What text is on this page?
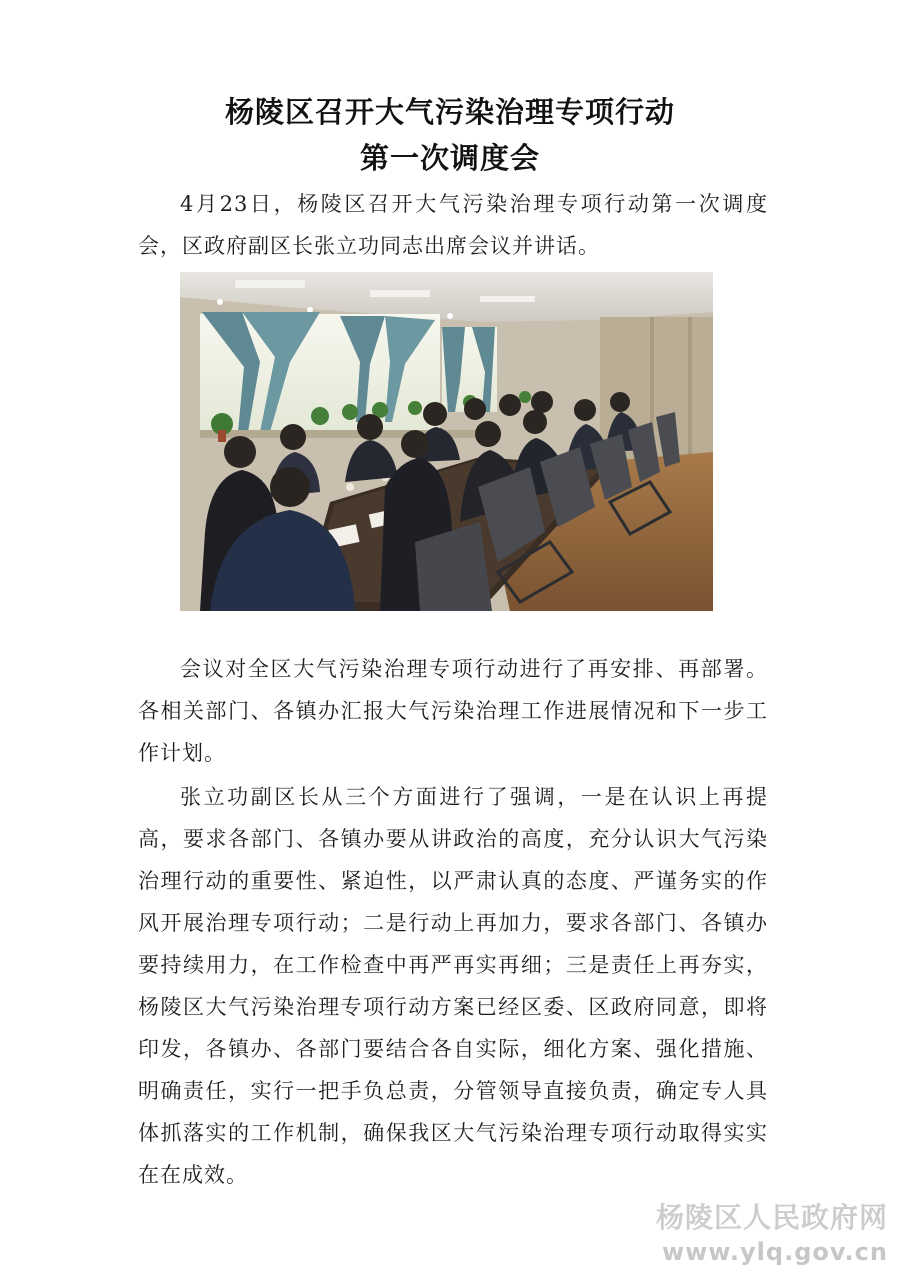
杨陵区召开大气污染治理专项行动
第一次调度会

4月23日，杨陵区召开大气污染治理专项行动第一次调度会，区政府副区长张立功同志出席会议并讲话。

会议对全区大气污染治理专项行动进行了再安排、再部署。各相关部门、各镇办汇报大气污染治理工作进展情况和下一步工作计划。

张立功副区长从三个方面进行了强调，一是在认识上再提高，要求各部门、各镇办要从讲政治的高度，充分认识大气污染治理行动的重要性、紧迫性，以严肃认真的态度、严谨务实的作风开展治理专项行动；二是行动上再加力，要求各部门、各镇办要持续用力，在工作检查中再严再实再细；三是责任上再夯实，杨陵区大气污染治理专项行动方案已经区委、区政府同意，即将印发，各镇办、各部门要结合各自实际，细化方案、强化措施、明确责任，实行一把手负总责，分管领导直接负责，确定专人具体抓落实的工作机制，确保我区大气污染治理专项行动取得实实在在成效。

杨陵区人民政府网
www.ylq.gov.cn
